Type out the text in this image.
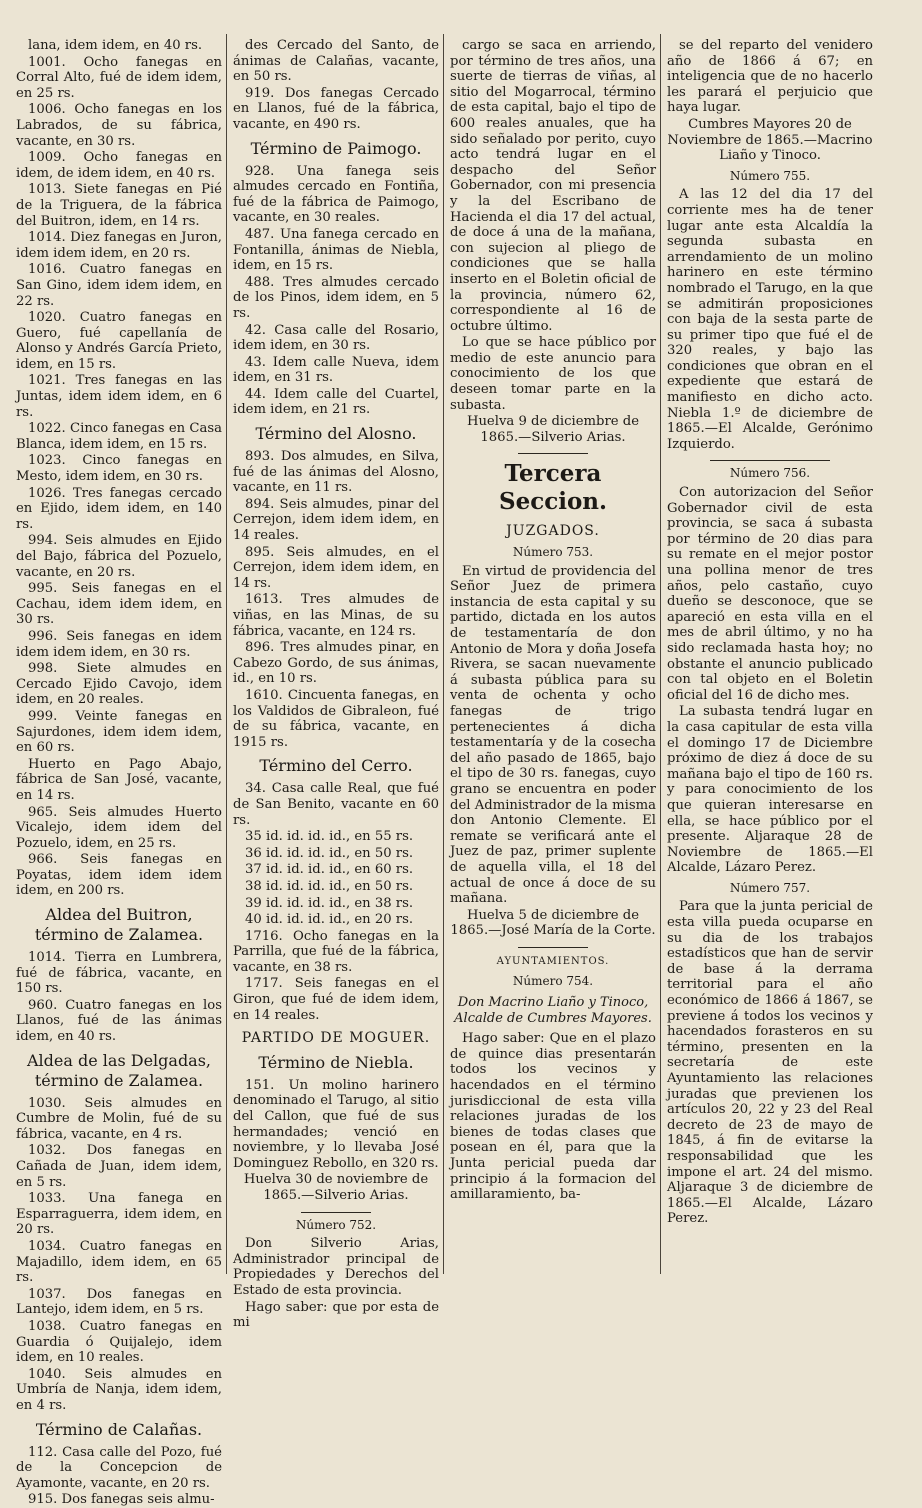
lana, idem idem, en 40 rs.

1001. Ocho fanegas en Corral Alto, fué de idem idem, en 25 rs.

1006. Ocho fanegas en los Labrados, de su fábrica, vacante, en 30 rs.

1009. Ocho fanegas en idem, de idem idem, en 40 rs.

1013. Siete fanegas en Pié de la Triguera, de la fábrica del Buitron, idem, en 14 rs.

1014. Diez fanegas en Juron, idem idem idem, en 20 rs.

1016. Cuatro fanegas en San Gino, idem idem idem, en 22 rs.

1020. Cuatro fanegas en Guero, fué capellanía de Alonso y Andrés García Prieto, idem, en 15 rs.

1021. Tres fanegas en las Juntas, idem idem idem, en 6 rs.

1022. Cinco fanegas en Casa Blanca, idem idem, en 15 rs.

1023. Cinco fanegas en Mesto, idem idem, en 30 rs.

1026. Tres fanegas cercado en Ejido, idem idem, en 140 rs.

994. Seis almudes en Ejido del Bajo, fábrica del Pozuelo, vacante, en 20 rs.

995. Seis fanegas en el Cachau, idem idem idem, en 30 rs.

996. Seis fanegas en idem idem idem idem, en 30 rs.

998. Siete almudes en Cercado Ejido Cavojo, idem idem, en 20 reales.

999. Veinte fanegas en Sajurdones, idem idem idem, en 60 rs.

Huerto en Pago Abajo, fábrica de San José, vacante, en 14 rs.

965. Seis almudes Huerto Vicalejo, idem idem del Pozuelo, idem, en 25 rs.

966. Seis fanegas en Poyatas, idem idem idem idem, en 200 rs.

Aldea del Buitron, término de Zalamea.

1014. Tierra en Lumbrera, fué de fábrica, vacante, en 150 rs.

960. Cuatro fanegas en los Llanos, fué de las ánimas idem, en 40 rs.

Aldea de las Delgadas, término de Zalamea.

1030. Seis almudes en Cumbre de Molin, fué de su fábrica, vacante, en 4 rs.

1032. Dos fanegas en Cañada de Juan, idem idem, en 5 rs.

1033. Una fanega en Esparraguerra, idem idem, en 20 rs.

1034. Cuatro fanegas en Majadillo, idem idem, en 65 rs.

1037. Dos fanegas en Lantejo, idem idem, en 5 rs.

1038. Cuatro fanegas en Guardia ó Quijalejo, idem idem, en 10 reales.

1040. Seis almudes en Umbría de Nanja, idem idem, en 4 rs.

Término de Calañas.

112. Casa calle del Pozo, fué de la Concepcion de Ayamonte, vacante, en 20 rs.

915. Dos fanegas seis almu-

des Cercado del Santo, de ánimas de Calañas, vacante, en 50 rs.

919. Dos fanegas Cercado en Llanos, fué de la fábrica, vacante, en 490 rs.

Término de Paimogo.

928. Una fanega seis almudes cercado en Fontiña, fué de la fábrica de Paimogo, vacante, en 30 reales.

487. Una fanega cercado en Fontanilla, ánimas de Niebla, idem, en 15 rs.

488. Tres almudes cercado de los Pinos, idem idem, en 5 rs.

42. Casa calle del Rosario, idem idem, en 30 rs.

43. Idem calle Nueva, idem idem, en 31 rs.

44. Idem calle del Cuartel, idem idem, en 21 rs.

Término del Alosno.

893. Dos almudes, en Silva, fué de las ánimas del Alosno, vacante, en 11 rs.

894. Seis almudes, pinar del Cerrejon, idem idem idem, en 14 reales.

895. Seis almudes, en el Cerrejon, idem idem idem, en 14 rs.

1613. Tres almudes de viñas, en las Minas, de su fábrica, vacante, en 124 rs.

896. Tres almudes pinar, en Cabezo Gordo, de sus ánimas, id., en 10 rs.

1610. Cincuenta fanegas, en los Valdidos de Gibraleon, fué de su fábrica, vacante, en 1915 rs.

Término del Cerro.

34. Casa calle Real, que fué de San Benito, vacante en 60 rs.

35 id. id. id. id., en 55 rs.

36 id. id. id. id., en 50 rs.

37 id. id. id. id., en 60 rs.

38 id. id. id. id., en 50 rs.

39 id. id. id. id., en 38 rs.

40 id. id. id. id., en 20 rs.

1716. Ocho fanegas en la Parrilla, que fué de la fábrica, vacante, en 38 rs.

1717. Seis fanegas en el Giron, que fué de idem idem, en 14 reales.

PARTIDO DE MOGUER.

Término de Niebla.

151. Un molino harinero denominado el Tarugo, al sitio del Callon, que fué de sus hermandades; venció en noviembre, y lo llevaba José Dominguez Rebollo, en 320 rs.

Huelva 30 de noviembre de 1865.—Silverio Arias.

Número 752.

Don Silverio Arias, Administrador principal de Propiedades y Derechos del Estado de esta provincia.

Hago saber: que por esta de mi

cargo se saca en arriendo, por término de tres años, una suerte de tierras de viñas, al sitio del Mogarrocal, término de esta capital, bajo el tipo de 600 reales anuales, que ha sido señalado por perito, cuyo acto tendrá lugar en el despacho del Señor Gobernador, con mi presencia y la del Escribano de Hacienda el dia 17 del actual, de doce á una de la mañana, con sujecion al pliego de condiciones que se halla inserto en el Boletin oficial de la provincia, número 62, correspondiente al 16 de octubre último.

Lo que se hace público por medio de este anuncio para conocimiento de los que deseen tomar parte en la subasta.

Huelva 9 de diciembre de 1865.—Silverio Arias.

Tercera Seccion.

JUZGADOS.

Número 753.

En virtud de providencia del Señor Juez de primera instancia de esta capital y su partido, dictada en los autos de testamentaría de don Antonio de Mora y doña Josefa Rivera, se sacan nuevamente á subasta pública para su venta de ochenta y ocho fanegas de trigo pertenecientes á dicha testamentaría y de la cosecha del año pasado de 1865, bajo el tipo de 30 rs. fanegas, cuyo grano se encuentra en poder del Administrador de la misma don Antonio Clemente. El remate se verificará ante el Juez de paz, primer suplente de aquella villa, el 18 del actual de once á doce de su mañana.

Huelva 5 de diciembre de 1865.—José María de la Corte.

AYUNTAMIENTOS.

Número 754.

Don Macrino Liaño y Tinoco, Alcalde de Cumbres Mayores.

Hago saber: Que en el plazo de quince dias presentarán todos los vecinos y hacendados en el término jurisdiccional de esta villa relaciones juradas de los bienes de todas clases que posean en él, para que la Junta pericial pueda dar principio á la formacion del amillaramiento, ba-

se del reparto del venidero año de 1866 á 67; en inteligencia que de no hacerlo les parará el perjuicio que haya lugar.

Cumbres Mayores 20 de Noviembre de 1865.—Macrino Liaño y Tinoco.

Número 755.

A las 12 del dia 17 del corriente mes ha de tener lugar ante esta Alcaldía la segunda subasta en arrendamiento de un molino harinero en este término nombrado el Tarugo, en la que se admitirán proposiciones con baja de la sesta parte de su primer tipo que fué el de 320 reales, y bajo las condiciones que obran en el expediente que estará de manifiesto en dicho acto. Niebla 1.º de diciembre de 1865.—El Alcalde, Gerónimo Izquierdo.

Número 756.

Con autorizacion del Señor Gobernador civil de esta provincia, se saca á subasta por término de 20 dias para su remate en el mejor postor una pollina menor de tres años, pelo castaño, cuyo dueño se desconoce, que se apareció en esta villa en el mes de abril último, y no ha sido reclamada hasta hoy; no obstante el anuncio publicado con tal objeto en el Boletin oficial del 16 de dicho mes.

La subasta tendrá lugar en la casa capitular de esta villa el domingo 17 de Diciembre próximo de diez á doce de su mañana bajo el tipo de 160 rs. y para conocimiento de los que quieran interesarse en ella, se hace público por el presente. Aljaraque 28 de Noviembre de 1865.—El Alcalde, Lázaro Perez.

Número 757.

Para que la junta pericial de esta villa pueda ocuparse en su dia de los trabajos estadísticos que han de servir de base á la derrama territorial para el año económico de 1866 á 1867, se previene á todos los vecinos y hacendados forasteros en su término, presenten en la secretaría de este Ayuntamiento las relaciones juradas que previenen los artículos 20, 22 y 23 del Real decreto de 23 de mayo de 1845, á fin de evitarse la responsabilidad que les impone el art. 24 del mismo. Aljaraque 3 de diciembre de 1865.—El Alcalde, Lázaro Perez.
